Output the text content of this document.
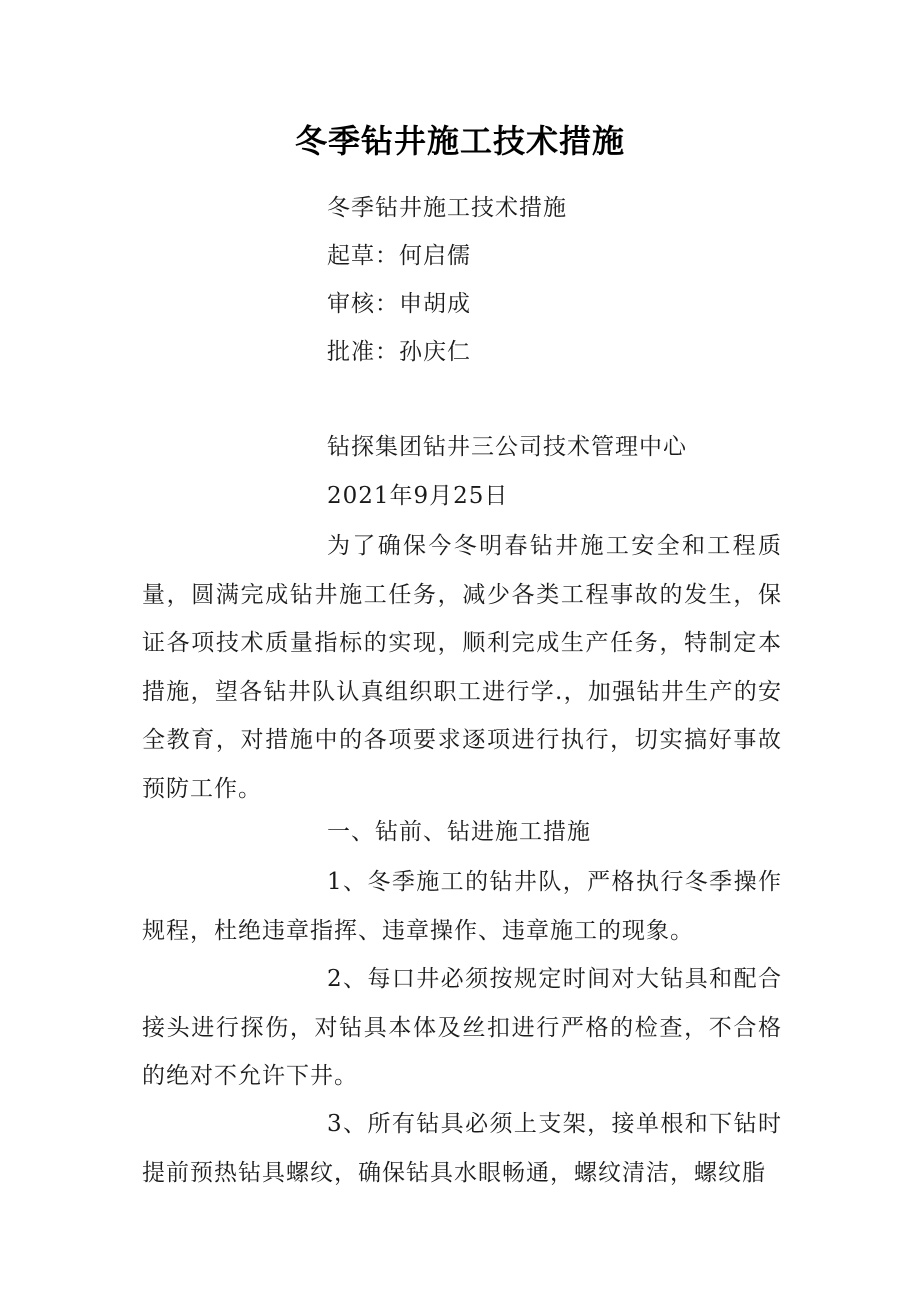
冬季钻井施工技术措施
冬季钻井施工技术措施
起草：何启儒
审核：申胡成
批准：孙庆仁
钻探集团钻井三公司技术管理中心
2021年9月25日

为了确保今冬明春钻井施工安全和工程质量，圆满完成钻井施工任务，减少各类工程事故的发生，保证各项技术质量指标的实现，顺利完成生产任务，特制定本措施，望各钻井队认真组织职工进行学.，加强钻井生产的安全教育，对措施中的各项要求逐项进行执行，切实搞好事故预防工作。

一、钻前、钻进施工措施

1、冬季施工的钻井队，严格执行冬季操作规程，杜绝违章指挥、违章操作、违章施工的现象。

2、每口井必须按规定时间对大钻具和配合接头进行探伤，对钻具本体及丝扣进行严格的检查，不合格的绝对不允许下井。

3、所有钻具必须上支架，接单根和下钻时提前预热钻具螺纹，确保钻具水眼畅通，螺纹清洁，螺纹脂
